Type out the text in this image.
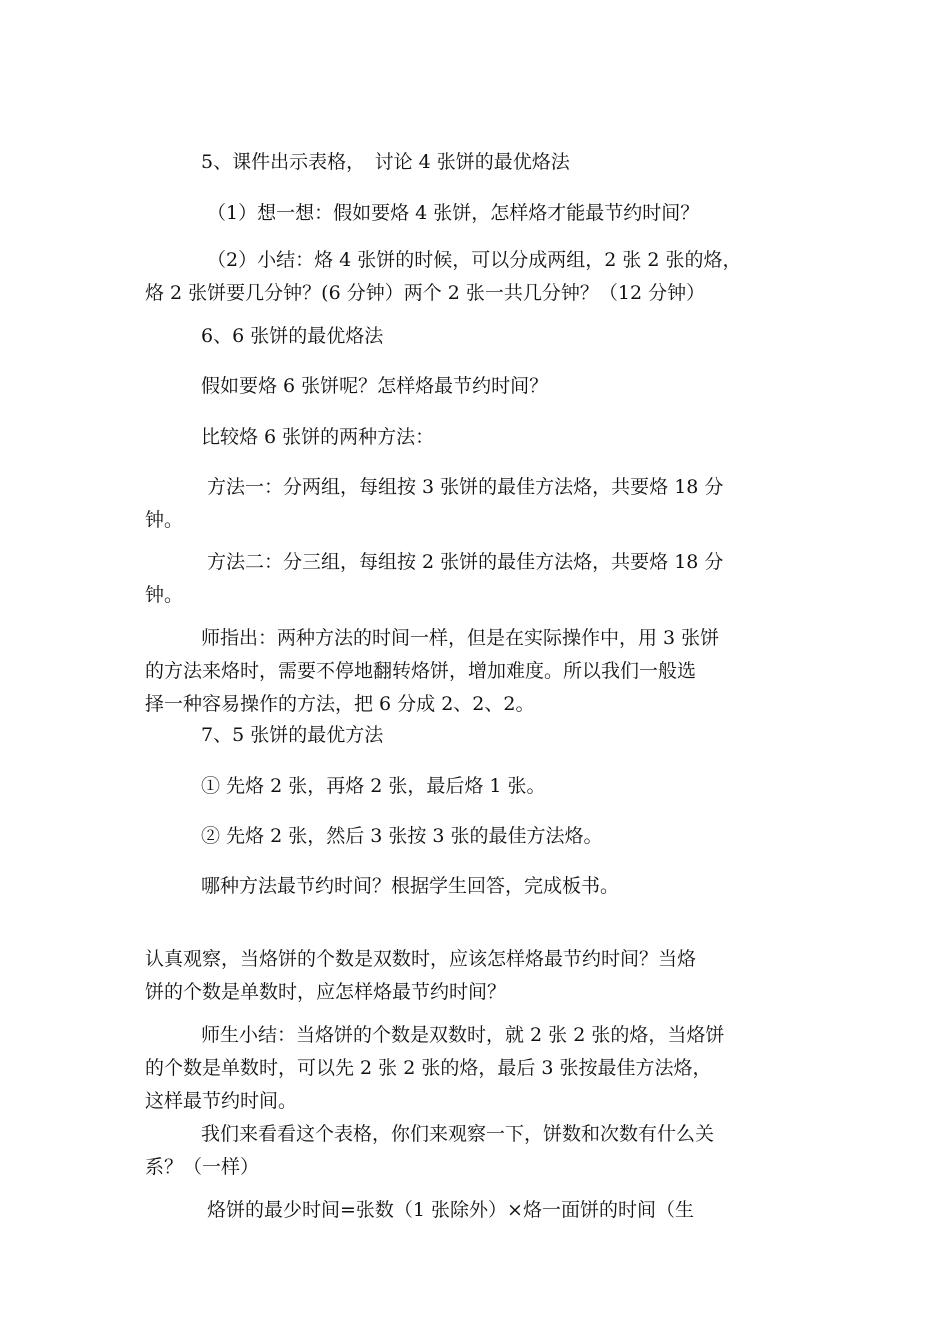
5、课件出示表格，　讨论 4 张饼的最优烙法

（1）想一想：假如要烙 4 张饼，怎样烙才能最节约时间？

（2）小结：烙 4 张饼的时候，可以分成两组，2 张 2 张的烙，
烙 2 张饼要几分钟？(6 分钟）两个 2 张一共几分钟？（12 分钟）

6、6 张饼的最优烙法

假如要烙 6 张饼呢？怎样烙最节约时间？

比较烙 6 张饼的两种方法：

方法一：分两组，每组按 3 张饼的最佳方法烙，共要烙 18 分
钟。

方法二：分三组，每组按 2 张饼的最佳方法烙，共要烙 18 分
钟。

师指出：两种方法的时间一样，但是在实际操作中，用 3 张饼
的方法来烙时，需要不停地翻转烙饼，增加难度。所以我们一般选
择一种容易操作的方法，把 6 分成 2、2、2。

7、5 张饼的最优方法

① 先烙 2 张，再烙 2 张，最后烙 1 张。

② 先烙 2 张，然后 3 张按 3 张的最佳方法烙。

哪种方法最节约时间？根据学生回答，完成板书。

认真观察，当烙饼的个数是双数时，应该怎样烙最节约时间？当烙
饼的个数是单数时，应怎样烙最节约时间？

师生小结：当烙饼的个数是双数时，就 2 张 2 张的烙，当烙饼
的个数是单数时，可以先 2 张 2 张的烙，最后 3 张按最佳方法烙，
这样最节约时间。

我们来看看这个表格，你们来观察一下，饼数和次数有什么关
系？（一样）

烙饼的最少时间=张数（1 张除外）×烙一面饼的时间（生
